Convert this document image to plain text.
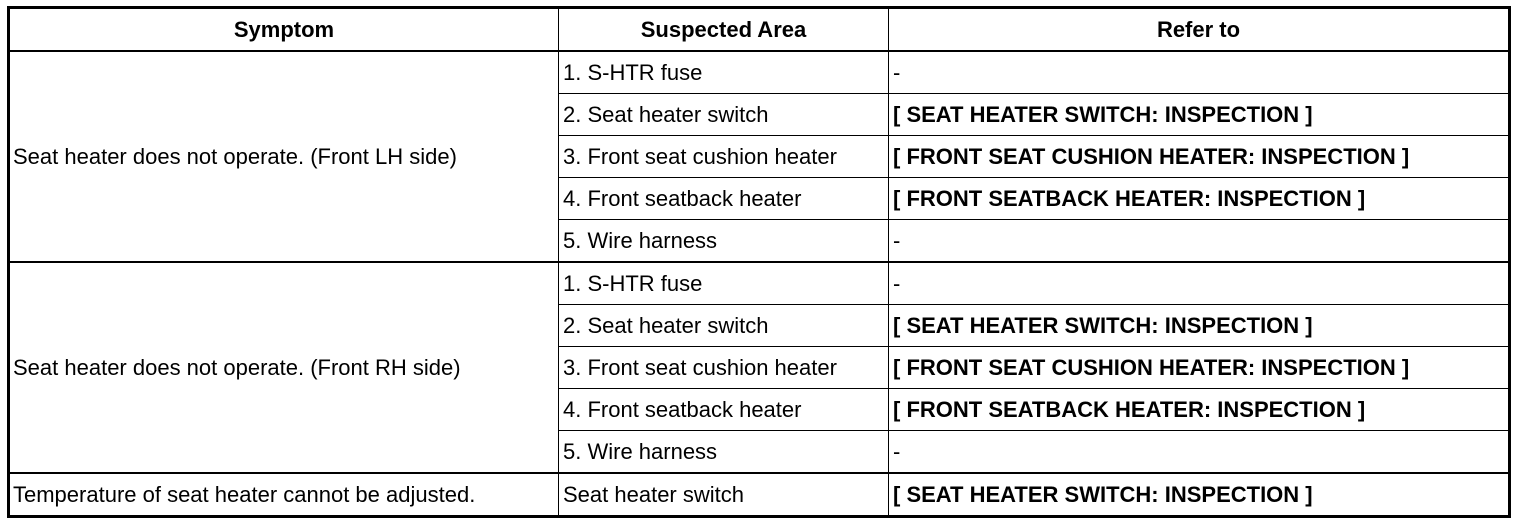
Symptom	Suspected Area	Refer to
Seat heater does not operate. (Front LH side)	1. S-HTR fuse	-
	2. Seat heater switch	[ SEAT HEATER SWITCH: INSPECTION ]
	3. Front seat cushion heater	[ FRONT SEAT CUSHION HEATER: INSPECTION ]
	4. Front seatback heater	[ FRONT SEATBACK HEATER: INSPECTION ]
	5. Wire harness	-
Seat heater does not operate. (Front RH side)	1. S-HTR fuse	-
	2. Seat heater switch	[ SEAT HEATER SWITCH: INSPECTION ]
	3. Front seat cushion heater	[ FRONT SEAT CUSHION HEATER: INSPECTION ]
	4. Front seatback heater	[ FRONT SEATBACK HEATER: INSPECTION ]
	5. Wire harness	-
Temperature of seat heater cannot be adjusted.	Seat heater switch	[ SEAT HEATER SWITCH: INSPECTION ]
